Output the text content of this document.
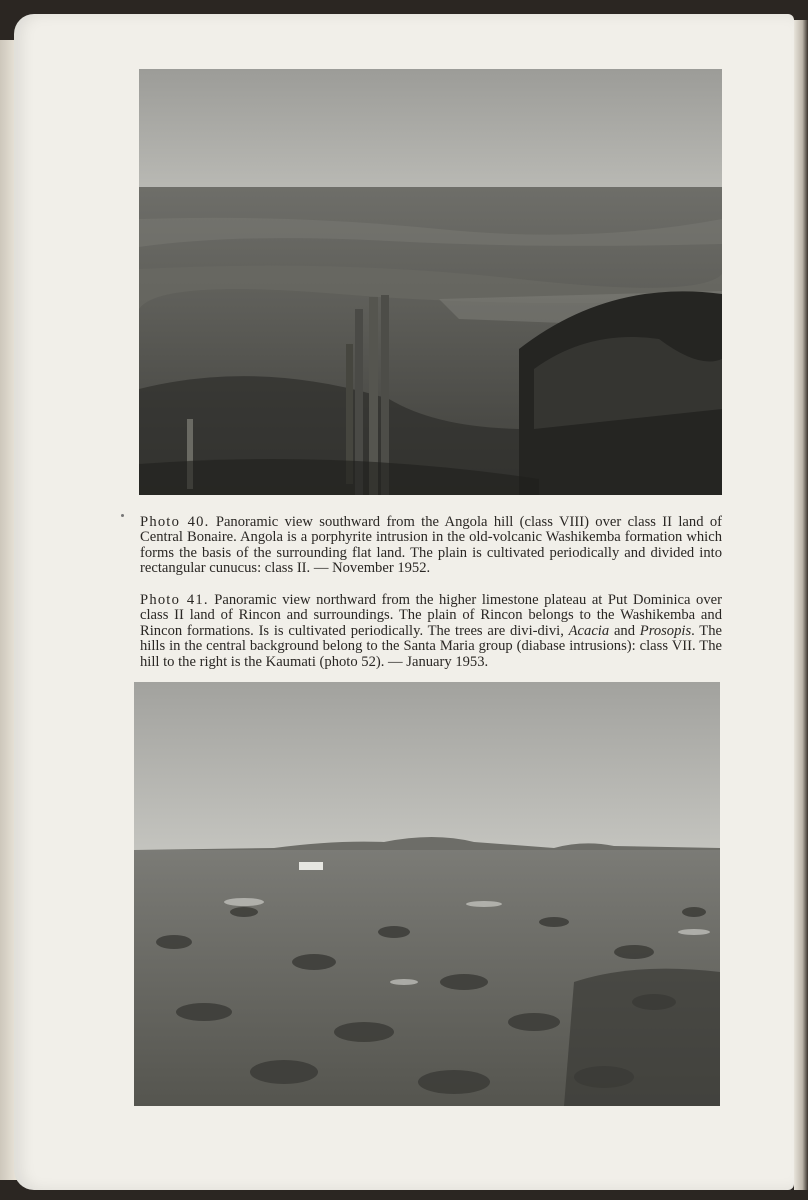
Photo 40. Panoramic view southward from the Angola hill (class VIII) over class II land of Central Bonaire. Angola is a porphyrite intrusion in the old-volcanic Washikemba formation which forms the basis of the surrounding flat land. The plain is cultivated periodically and divided into rectangular cunucus: class II. — November 1952.

Photo 41. Panoramic view northward from the higher limestone plateau at Put Dominica over class II land of Rincon and surroundings. The plain of Rincon belongs to the Washikemba and Rincon formations. Is is cultivated periodically. The trees are divi-divi, Acacia and Prosopis. The hills in the central background belong to the Santa Maria group (diabase intrusions): class VII. The hill to the right is the Kaumati (photo 52). — January 1953.
